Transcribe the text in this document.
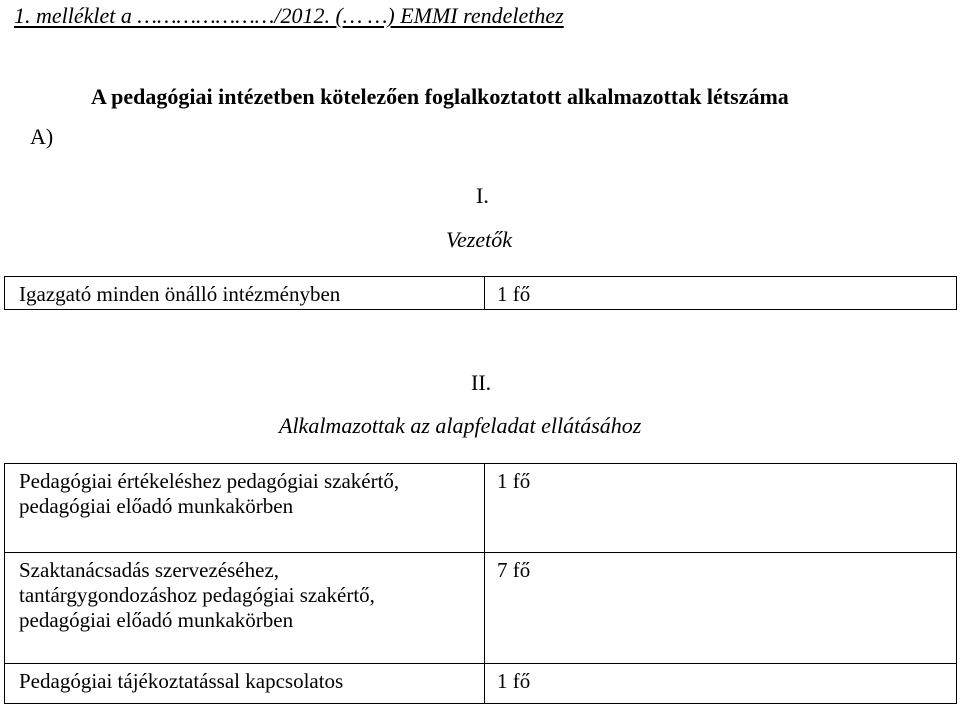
1. melléklet a …………………/2012. (… …) EMMI rendelethez
A pedagógiai intézetben kötelezően foglalkoztatott alkalmazottak létszáma
A)
I.
Vezetők
Igazgató minden önálló intézményben	1 fő
II.
Alkalmazottak az alapfeladat ellátásához
Pedagógiai értékeléshez pedagógiai szakértő,
pedagógiai előadó munkakörben	1 fő

Szaktanácsadás szervezéséhez,
tantárgygondozáshoz pedagógiai szakértő,
pedagógiai előadó munkakörben	7 fő

Pedagógiai tájékoztatással kapcsolatos	1 fő
